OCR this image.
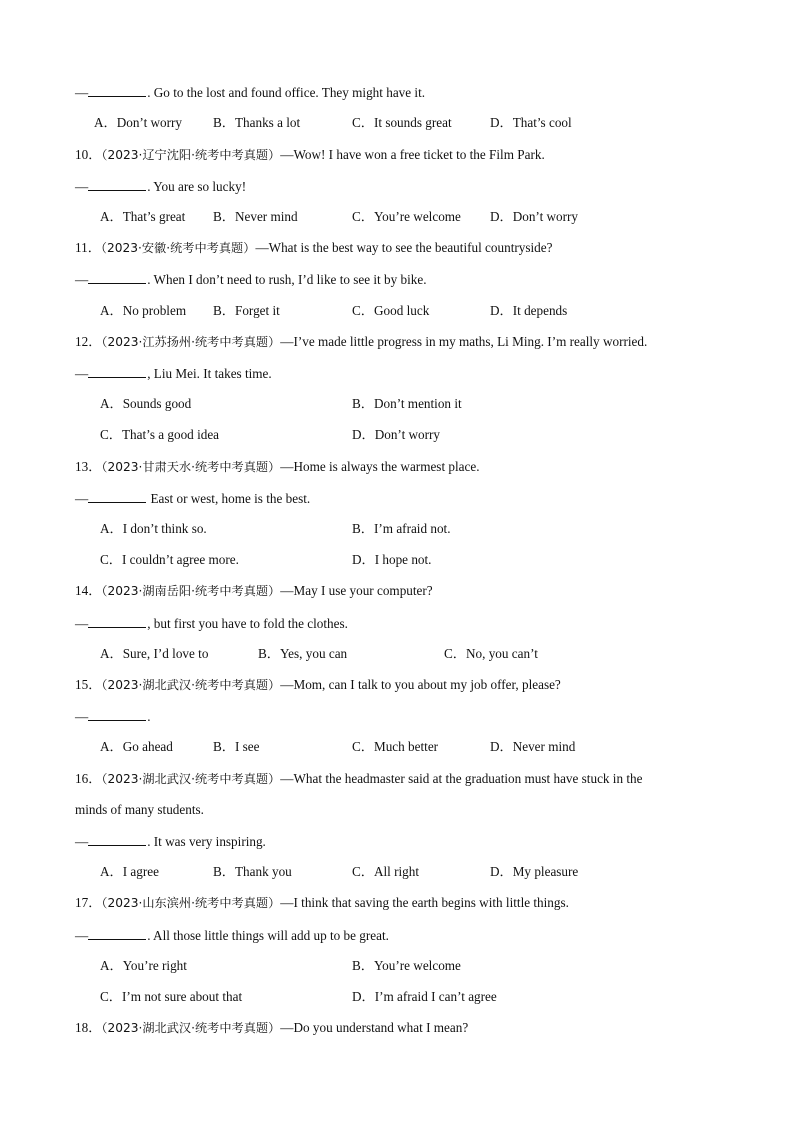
—	. Go to the lost and found office. They might have it.
A．Don’t worry B．Thanks a lot	C．It sounds great	D．That’s cool
10．（2023·辽宁沈阳·统考中考真题）—Wow! I have won a free ticket to the Film Park.
—	. You are so lucky!
A．That’s great B．Never mind	C．You’re welcome D．Don’t worry
11．（2023·安徽·统考中考真题）—What is the best way to see the beautiful countryside?
—	. When I don’t need to rush, I’d like to see it by bike.
A．No problem B．Forget it	C．Good luck	D．It depends
12．（2023·江苏扬州·统考中考真题）—I’ve made little progress in my maths, Li Ming. I’m really worried.
—	, Liu Mei. It takes time.
A．Sounds good	B．Don’t mention it
C．That’s a good idea	D．Don’t worry
13．（2023·甘肃天水·统考中考真题）—Home is always the warmest place.
—	East or west, home is the best.
A．I don’t think so.	B．I’m afraid not.
C．I couldn’t agree more.	D．I hope not.
14．（2023·湖南岳阳·统考中考真题）—May I use your computer?
—	, but first you have to fold the clothes.
A．Sure, I’d love to	B．Yes, you can	C．No, you can’t
15．（2023·湖北武汉·统考中考真题）—Mom, can I talk to you about my job offer, please?
—	.
A．Go ahead	B．I see	C．Much better	D．Never mind
16．（2023·湖北武汉·统考中考真题）—What the headmaster said at the graduation must have stuck in the
minds of many students.
—	. It was very inspiring.
A．I agree	B．Thank you	C．All right	D．My pleasure
17．（2023·山东滨州·统考中考真题）—I think that saving the earth begins with little things.
—	. All those little things will add up to be great.
A．You’re right	B．You’re welcome
C．I’m not sure about that	D．I’m afraid I can’t agree
18．（2023·湖北武汉·统考中考真题）—Do you understand what I mean?
